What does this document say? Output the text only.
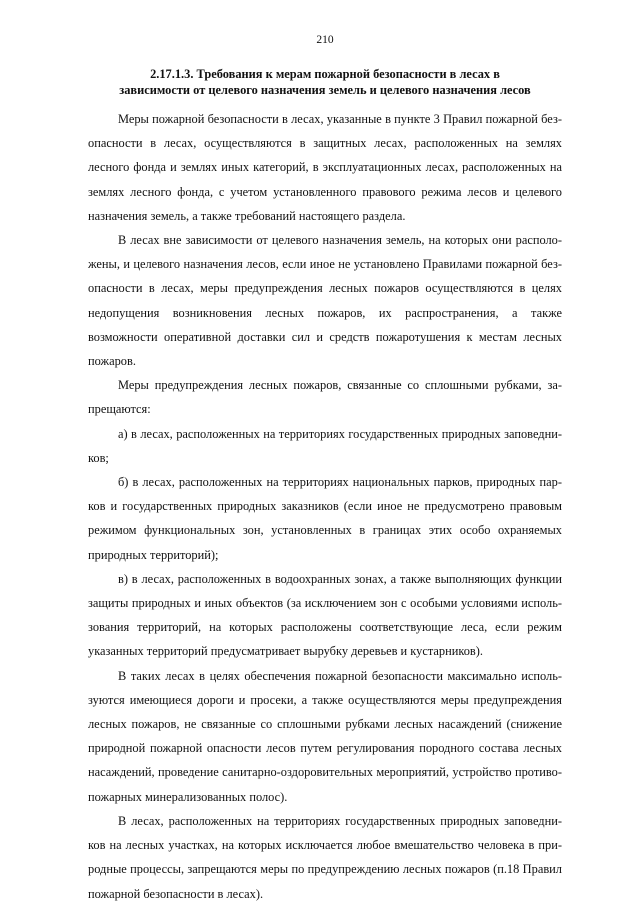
210
2.17.1.3. Требования к мерам пожарной безопасности в лесах в
зависимости от целевого назначения земель и целевого назначения лесов

Меры пожарной безопасности в лесах, указанные в пункте 3 Правил пожарной безопасности в лесах, осуществляются в защитных лесах, расположенных на землях лесного фонда и землях иных категорий, в эксплуатационных лесах, расположенных на землях лесного фонда, с учетом установленного правового режима лесов и целевого назначения земель, а также требований настоящего раздела.

В лесах вне зависимости от целевого назначения земель, на которых они расположены, и целевого назначения лесов, если иное не установлено Правилами пожарной безопасности в лесах, меры предупреждения лесных пожаров осуществляются в целях недопущения возникновения лесных пожаров, их распространения, а также возможности оперативной доставки сил и средств пожаротушения к местам лесных пожаров.

Меры предупреждения лесных пожаров, связанные со сплошными рубками, запрещаются:

а) в лесах, расположенных на территориях государственных природных заповедников;

б) в лесах, расположенных на территориях национальных парков, природных парков и государственных природных заказников (если иное не предусмотрено правовым режимом функциональных зон, установленных в границах этих особо охраняемых природных территорий);

в) в лесах, расположенных в водоохранных зонах, а также выполняющих функции защиты природных и иных объектов (за исключением зон с особыми условиями использования территорий, на которых расположены соответствующие леса, если режим указанных территорий предусматривает вырубку деревьев и кустарников).

В таких лесах в целях обеспечения пожарной безопасности максимально используются имеющиеся дороги и просеки, а также осуществляются меры предупреждения лесных пожаров, не связанные со сплошными рубками лесных насаждений (снижение природной пожарной опасности лесов путем регулирования породного состава лесных насаждений, проведение санитарно-оздоровительных мероприятий, устройство противопожарных минерализованных полос).

В лесах, расположенных на территориях государственных природных заповедников на лесных участках, на которых исключается любое вмешательство человека в природные процессы, запрещаются меры по предупреждению лесных пожаров (п.18 Правил пожарной безопасности в лесах).
